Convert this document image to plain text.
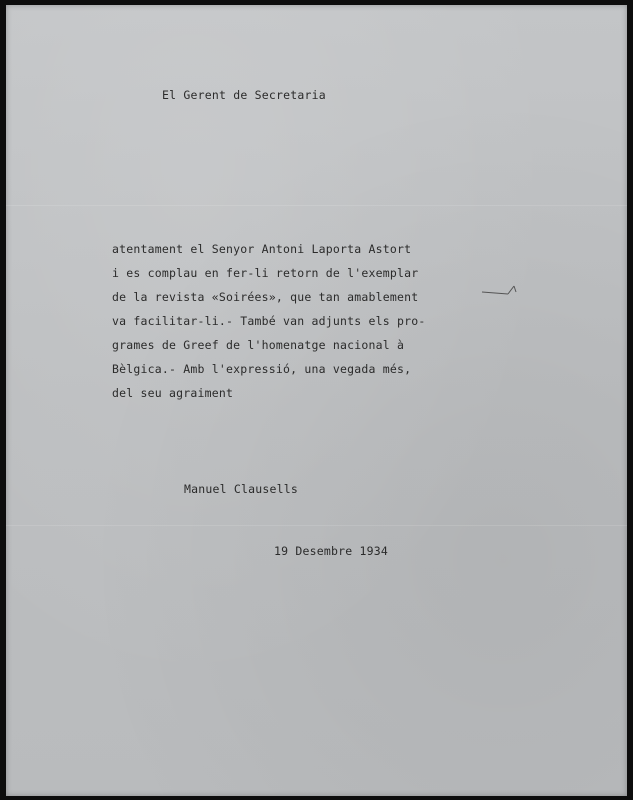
El Gerent de Secretaria
atentament el Senyor Antoni Laporta Astort
i es complau en fer-li retorn de l'exemplar
de la revista «Soirées», que tan amablement
va facilitar-li.- També van adjunts els pro-
grames de Greef de l'homenatge nacional à
Bèlgica.- Amb l'expressió, una vegada més,
del seu agraiment
Manuel Clausells
19 Desembre 1934
